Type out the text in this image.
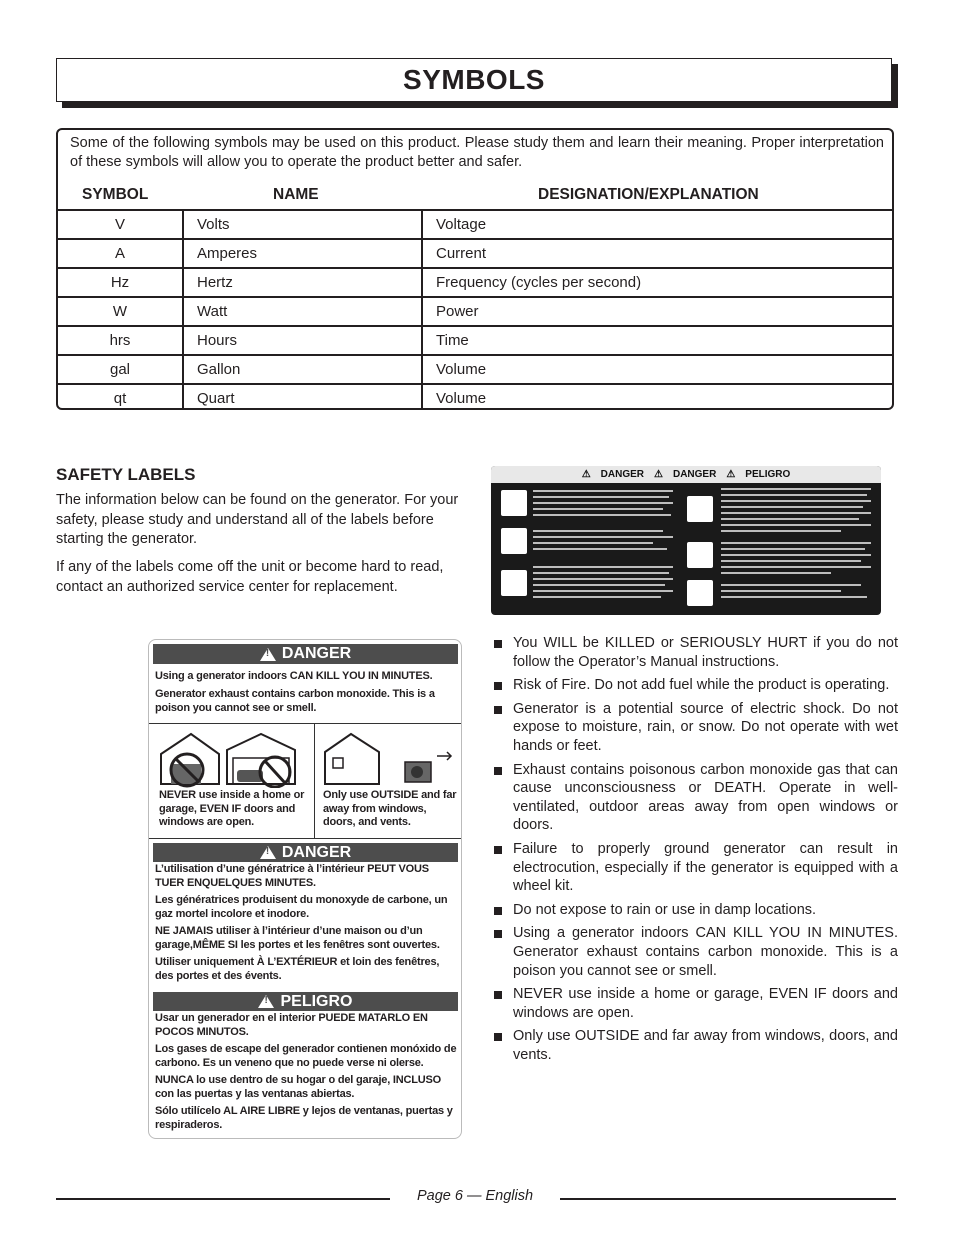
SYMBOLS

Some of the following symbols may be used on this product. Please study them and learn their meaning. Proper interpretation of these symbols will allow you to operate the product better and safer.

SYMBOL	NAME	DESIGNATION/EXPLANATION
V	Volts	Voltage
A	Amperes	Current
Hz	Hertz	Frequency (cycles per second)
W	Watt	Power
hrs	Hours	Time
gal	Gallon	Volume
qt	Quart	Volume
SAFETY LABELS

The information below can be found on the generator. For your safety, please study and understand all of the labels before starting the generator.

If any of the labels come off the unit or become hard to read, contact an authorized service center for replacement.

⚠ DANGER ⚠ DANGER ⚠ PELIGRO
!
DANGER

Using a generator indoors CAN KILL YOU IN MINUTES.

Generator exhaust contains carbon monoxide. This is a poison you cannot see or smell.

NEVER use inside a home or garage, EVEN IF doors and windows are open.

Only use OUTSIDE and far away from windows, doors, and vents.

!
DANGER

L’utilisation d’une génératrice à l’intérieur PEUT VOUS TUER ENQUELQUES MINUTES.

Les génératrices produisent du monoxyde de carbone, un gaz mortel incolore et inodore.

NE JAMAIS utiliser à l’intérieur d’une maison ou d’un garage,MÊME SI les portes et les fenêtres sont ouvertes.

Utiliser uniquement À L’EXTÉRIEUR et loin des fenêtres, des portes et des évents.

!
PELIGRO

Usar un generador en el interior PUEDE MATARLO EN POCOS MINUTOS.

Los gases de escape del generador contienen monóxido de carbono. Es un veneno que no puede verse ni olerse.

NUNCA lo use dentro de su hogar o del garaje, INCLUSO con las puertas y las ventanas abiertas.

Sólo utilícelo AL AIRE LIBRE y lejos de ventanas, puertas y respiraderos.

You WILL be KILLED or SERIOUSLY HURT if you do not follow the Operator’s Manual instructions.
Risk of Fire. Do not add fuel while the product is operating.
Generator is a potential source of electric shock. Do not expose to moisture, rain, or snow. Do not operate with wet hands or feet.
Exhaust contains poisonous carbon monoxide gas that can cause unconsciousness or DEATH. Operate in well-ventilated, outdoor areas away from open windows or doors.
Failure to properly ground generator can result in electrocution, especially if the generator is equipped with a wheel kit.
Do not expose to rain or use in damp locations.
Using a generator indoors CAN KILL YOU IN MINUTES. Generator exhaust contains carbon monoxide. This is a poison you cannot see or smell.
NEVER use inside a home or garage, EVEN IF doors and windows are open.
Only use OUTSIDE and far away from windows, doors, and vents.
Page 6 — English
